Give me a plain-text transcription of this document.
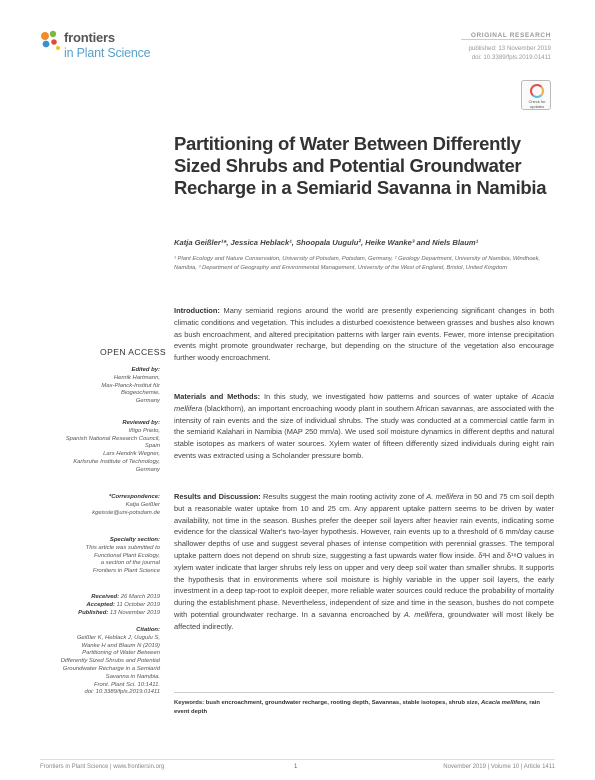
frontiers
in Plant Science
ORIGINAL RESEARCH
published: 13 November 2019
doi: 10.3389/fpls.2019.01411
Check for
updates
Partitioning of Water Between Differently Sized Shrubs and Potential Groundwater Recharge in a Semiarid Savanna in Namibia
Katja Geißler¹*, Jessica Heblack¹, Shoopala Uugulu², Heike Wanke³ and Niels Blaum¹
¹ Plant Ecology and Nature Conservation, University of Potsdam, Potsdam, Germany, ² Geology Department, University of Namibia, Windhoek, Namibia, ³ Department of Geography and Environmental Management, University of the West of England, Bristol, United Kingdom
OPEN ACCESS
Edited by:
Henrik Hartmann,
Max-Planck-Institut für
Biogeochemie,
Germany
Reviewed by:
Iñigo Prieto,
Spanish National Research Council,
Spain
Lars Hendrik Wegner,
Karlsruhe Institute of Technology,
Germany
*Correspondence:
Katja Geißler
kgeissle@uni-potsdam.de
Specialty section:
This article was submitted to
Functional Plant Ecology,
a section of the journal
Frontiers in Plant Science
Received: 26 March 2019
Accepted: 11 October 2019
Published: 13 November 2019
Citation:
Geißler K, Heblack J, Uugulu S,
Wanke H and Blaum N (2019)
Partitioning of Water Between
Differently Sized Shrubs and Potential
Groundwater Recharge in a Semiarid
Savanna in Namibia.
Front. Plant Sci. 10:1411.
doi: 10.3389/fpls.2019.01411

Introduction: Many semiarid regions around the world are presently experiencing significant changes in both climatic conditions and vegetation. This includes a disturbed coexistence between grasses and bushes also known as bush encroachment, and altered precipitation patterns with larger rain events. Fewer, more intense precipitation events might promote groundwater recharge, but depending on the structure of the vegetation also encourage further woody encroachment.

Materials and Methods: In this study, we investigated how patterns and sources of water uptake of Acacia mellifera (blackthorn), an important encroaching woody plant in southern African savannas, are associated with the intensity of rain events and the size of individual shrubs. The study was conducted at a commercial cattle farm in the semiarid Kalahari in Namibia (MAP 250 mm/a). We used soil moisture dynamics in different depths and natural stable isotopes as markers of water sources. Xylem water of fifteen differently sized individuals during eight rain events was extracted using a Scholander pressure bomb.

Results and Discussion: Results suggest the main rooting activity zone of A. mellifera in 50 and 75 cm soil depth but a reasonable water uptake from 10 and 25 cm. Any apparent uptake pattern seems to be driven by water availability, not time in the season. Bushes prefer the deeper soil layers after heavier rain events, indicating some evidence for the classical Walter's two-layer hypothesis. However, rain events up to a threshold of 6 mm/day cause shallower depths of use and suggest several phases of intense competition with perennial grasses. The temporal uptake pattern does not depend on shrub size, suggesting a fast upwards water flow inside. δ²H and δ¹⁸O values in xylem water indicate that larger shrubs rely less on upper and very deep soil water than smaller shrubs. It supports the hypothesis that in environments where soil moisture is highly variable in the upper soil layers, the early investment in a deep tap-root to exploit deeper, more reliable water sources could reduce the probability of mortality during the establishment phase. Nevertheless, independent of size and time in the season, bushes do not compete with potential groundwater recharge. In a savanna encroached by A. mellifera, groundwater will most likely be affected indirectly.

Keywords: bush encroachment, groundwater recharge, rooting depth, Savannas, stable isotopes, shrub size, Acacia mellifera, rain event depth

Frontiers in Plant Science | www.frontiersin.org	1	November 2019 | Volume 10 | Article 1411
